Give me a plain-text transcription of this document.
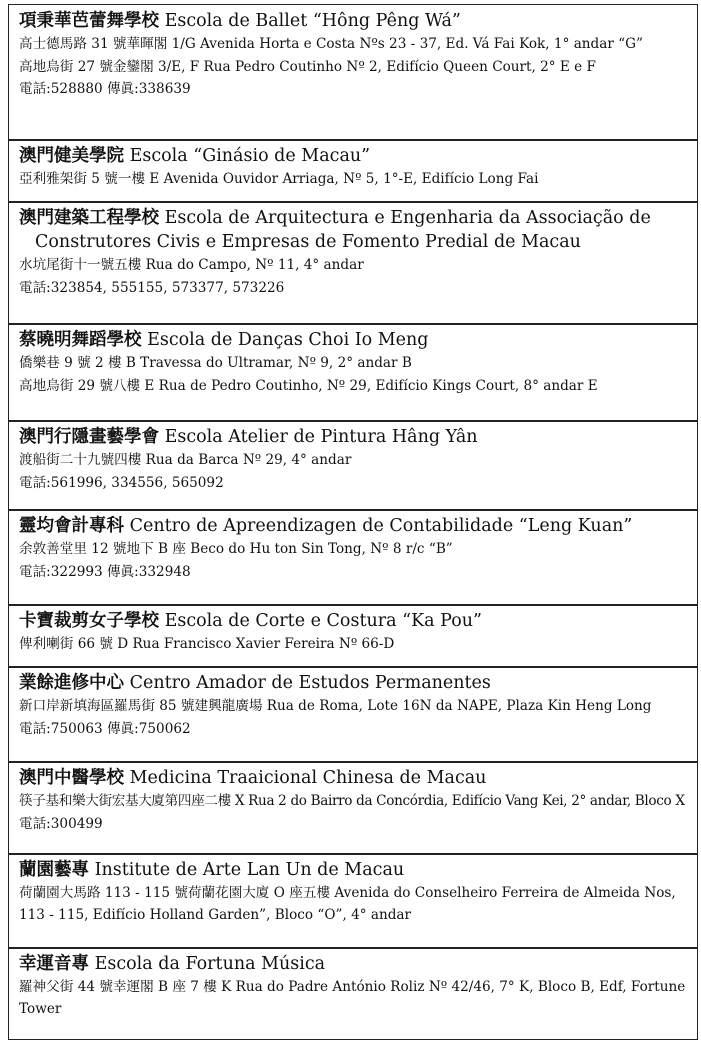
項秉華芭蕾舞學校 Escola de Ballet “Hông Pêng Wá”
高士德馬路 31 號華暉閣 1/G Avenida Horta e Costa Nºs 23 - 37, Ed. Vá Fai Kok, 1° andar “G”
高地烏街 27 號金鑾閣 3/E, F Rua Pedro Coutinho Nº 2, Edifício Queen Court, 2° E e F
電話:528880 傳眞:338639
澳門健美學院 Escola “Ginásio de Macau”
亞利雅架街 5 號一樓 E Avenida Ouvidor Arriaga, Nº 5, 1°-E, Edifício Long Fai
澳門建築工程學校 Escola de Arquitectura e Engenharia da Associação de
Construtores Civis e Empresas de Fomento Predial de Macau
水坑尾街十一號五樓 Rua do Campo, Nº 11, 4° andar
電話:323854, 555155, 573377, 573226
蔡曉明舞蹈學校 Escola de Danças Choi Io Meng
僑樂巷 9 號 2 樓 B Travessa do Ultramar, Nº 9, 2° andar B
高地烏街 29 號八樓 E Rua de Pedro Coutinho, Nº 29, Edifício Kings Court, 8° andar E
澳門行隱畫藝學會 Escola Atelier de Pintura Hâng Yân
渡船街二十九號四樓 Rua da Barca Nº 29, 4° andar
電話:561996, 334556, 565092
靈均會計專科 Centro de Apreendizagen de Contabilidade “Leng Kuan”
余敦善堂里 12 號地下 B 座 Beco do Hu ton Sin Tong, Nº 8 r/c “B”
電話:322993 傳眞:332948
卡寶裁剪女子學校 Escola de Corte e Costura “Ka Pou”
俾利喇街 66 號 D Rua Francisco Xavier Fereira Nº 66-D
業餘進修中心 Centro Amador de Estudos Permanentes
新口岸新填海區羅馬街 85 號建興龍廣場 Rua de Roma, Lote 16N da NAPE, Plaza Kin Heng Long
電話:750063 傳眞:750062
澳門中醫學校 Medicina Traaicional Chinesa de Macau
筷子基和樂大街宏基大廈第四座二樓 X Rua 2 do Bairro da Concórdia, Edifício Vang Kei, 2° andar, Bloco X
電話:300499
蘭園藝專 Institute de Arte Lan Un de Macau
荷蘭園大馬路 113 - 115 號荷蘭花園大廈 O 座五樓 Avenida do Conselheiro Ferreira de Almeida Nos, 113 - 115, Edifício Holland Garden”, Bloco “O”, 4° andar
幸運音專 Escola da Fortuna Música
羅神父街 44 號幸運閣 B 座 7 樓 K Rua do Padre António Roliz Nº 42/46, 7° K, Bloco B, Edf, Fortune Tower
